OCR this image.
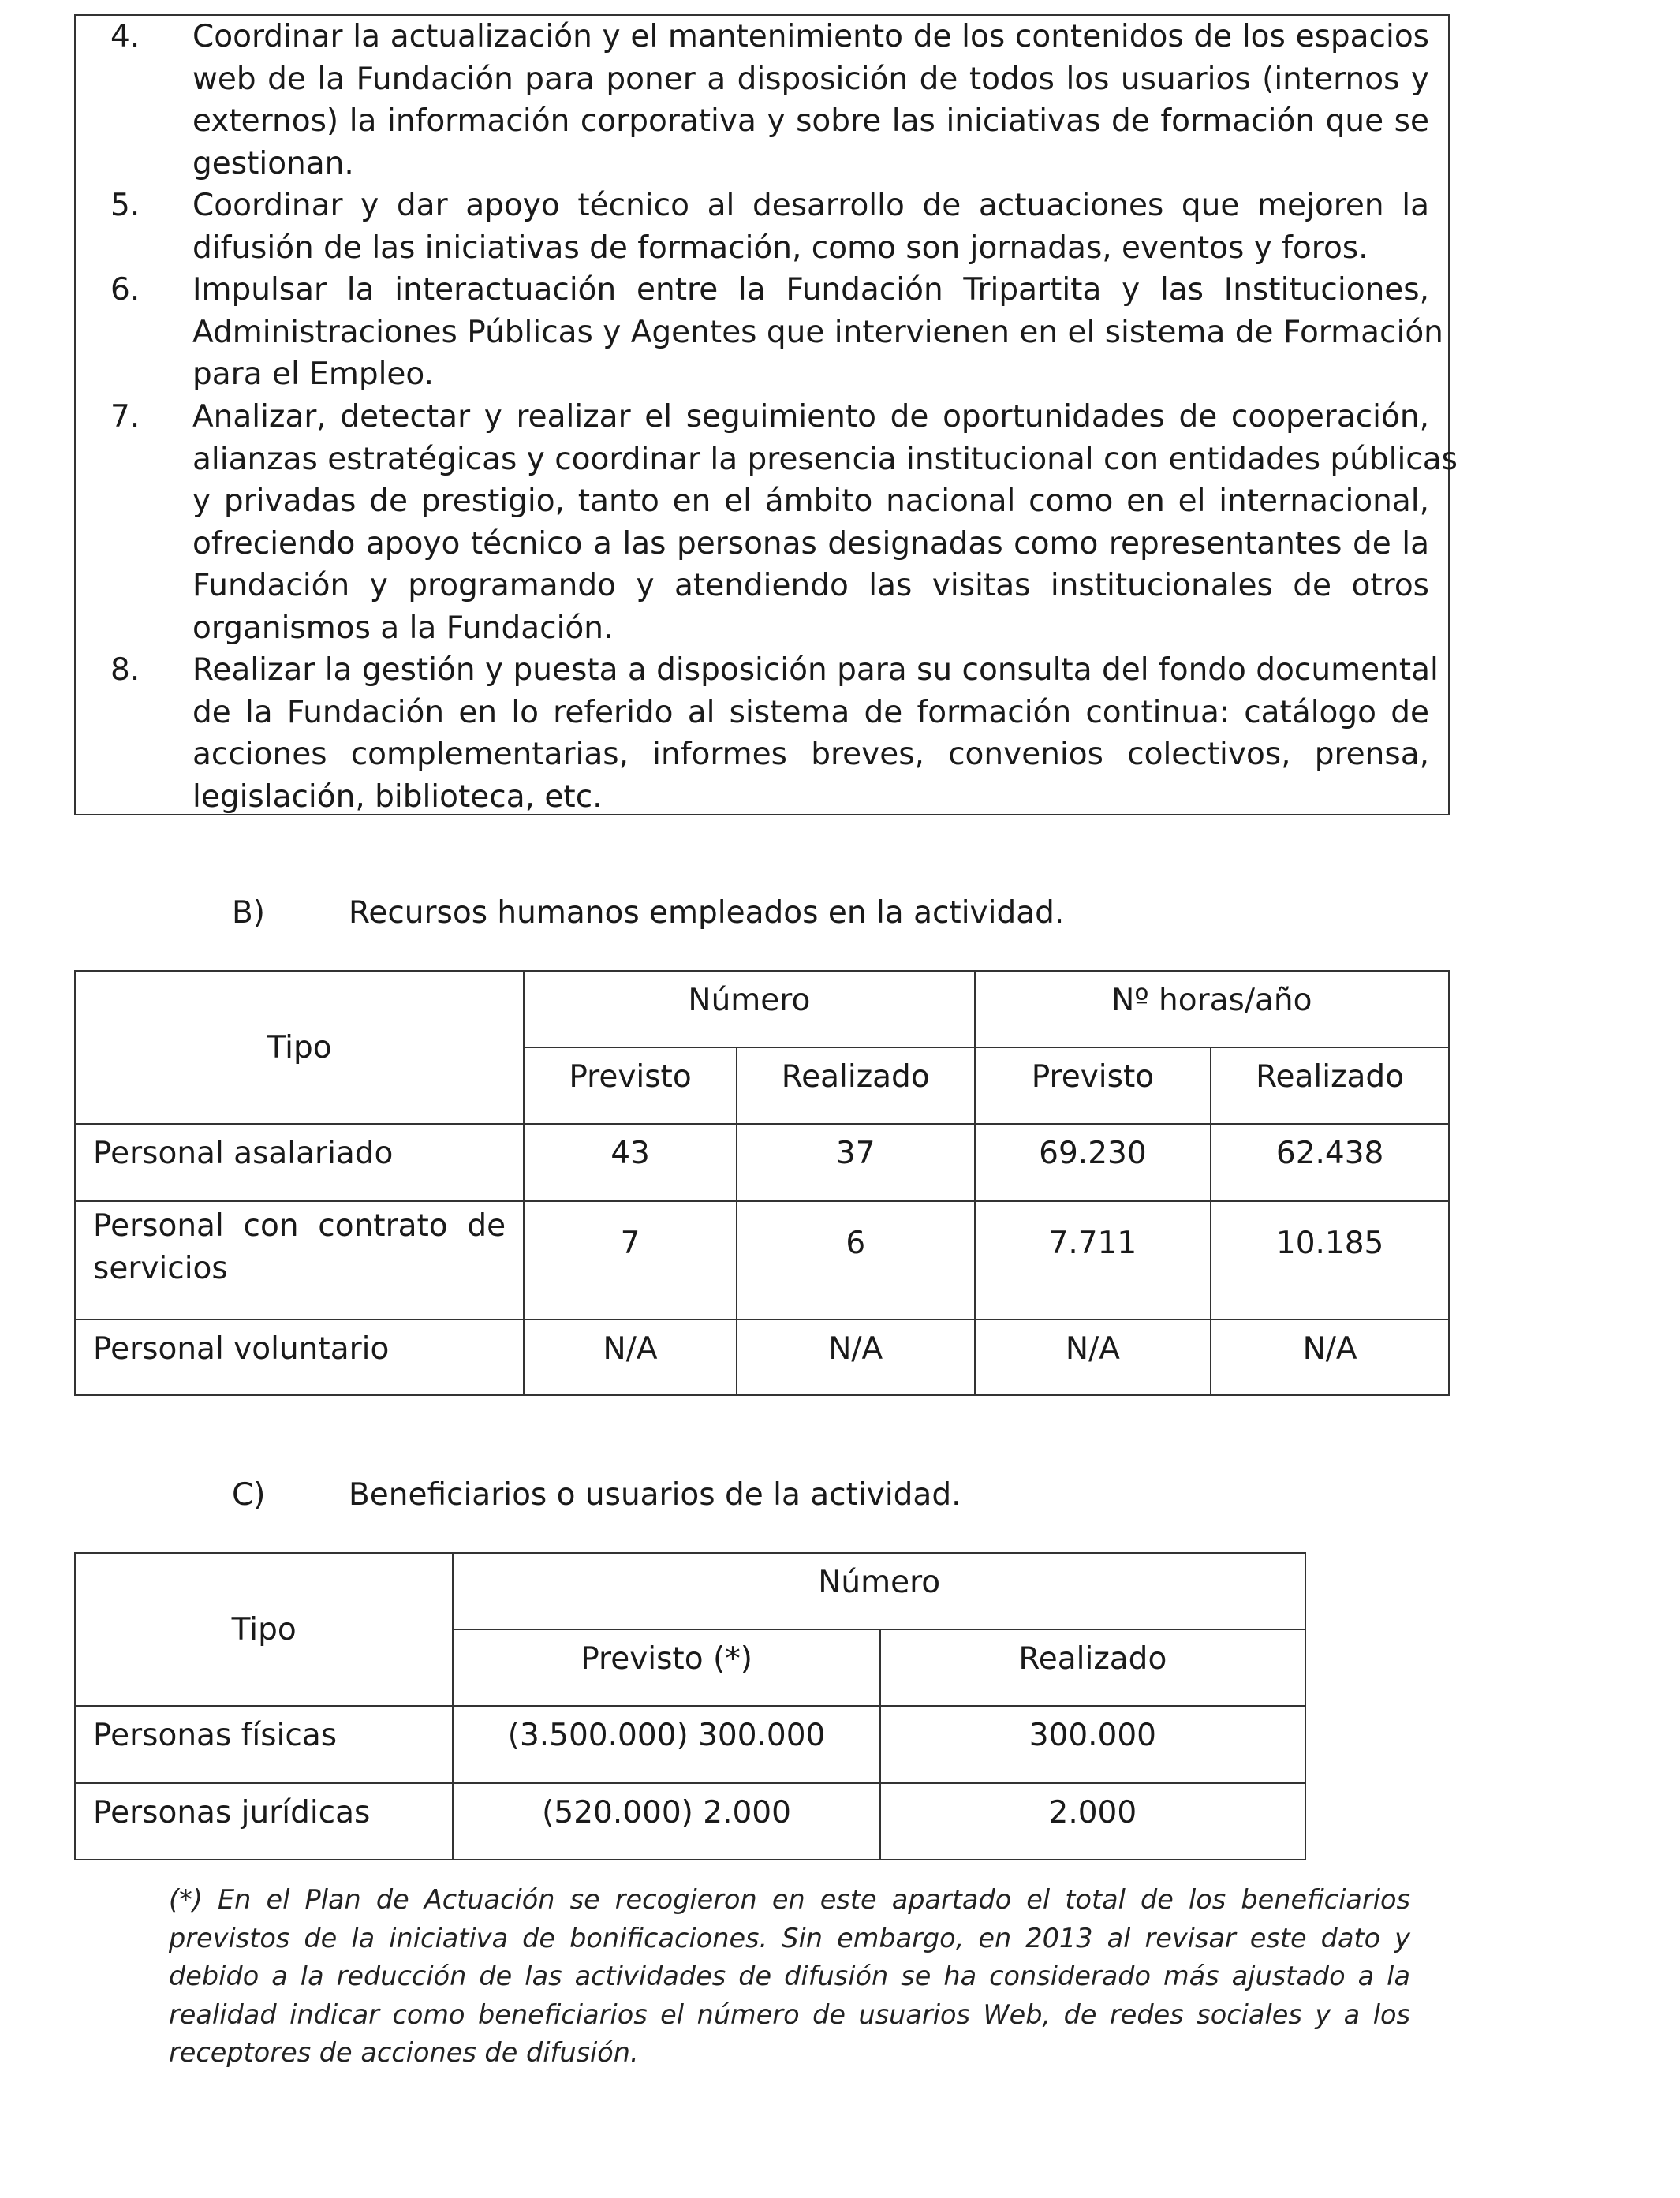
4.	Coordinar la actualización y el mantenimiento de los contenidos de los espacios
web de la Fundación para poner a disposición de todos los usuarios (internos y
externos) la información corporativa y sobre las iniciativas de formación que se
gestionan.
5.	Coordinar y dar apoyo técnico al desarrollo de actuaciones que mejoren la
difusión de las iniciativas de formación, como son jornadas, eventos y foros.
6.	Impulsar la interactuación entre la Fundación Tripartita y las Instituciones,
Administraciones Públicas y Agentes que intervienen en el sistema de Formación
para el Empleo.
7.	Analizar, detectar y realizar el seguimiento de oportunidades de cooperación,
alianzas estratégicas y coordinar la presencia institucional con entidades públicas
y privadas de prestigio, tanto en el ámbito nacional como en el internacional,
ofreciendo apoyo técnico a las personas designadas como representantes de la
Fundación y programando y atendiendo las visitas institucionales de otros
organismos a la Fundación.
8.	Realizar la gestión y puesta a disposición para su consulta del fondo documental
de la Fundación en lo referido al sistema de formación continua: catálogo de
acciones complementarias, informes breves, convenios colectivos, prensa,
legislación, biblioteca, etc.
B)	Recursos humanos empleados en la actividad.
Tipo	Número		Nº horas/año	
	Previsto	Realizado	Previsto	Realizado
Personal asalariado	43	37	69.230	62.438

Personal con contrato de
servicios	7	6	7.711	10.185
Personal voluntario	N/A	N/A	N/A	N/A
C)	Beneficiarios o usuarios de la actividad.
Tipo	Número	
	Previsto (*)	Realizado
Personas físicas	(3.500.000) 300.000	300.000
Personas jurídicas	(520.000) 2.000	2.000
(*) En el Plan de Actuación se recogieron en este apartado el total de los beneficiarios
previstos de la iniciativa de bonificaciones. Sin embargo, en 2013 al revisar este dato y
debido a la reducción de las actividades de difusión se ha considerado más ajustado a la
realidad indicar como beneficiarios el número de usuarios Web, de redes sociales y a los
receptores de acciones de difusión.
